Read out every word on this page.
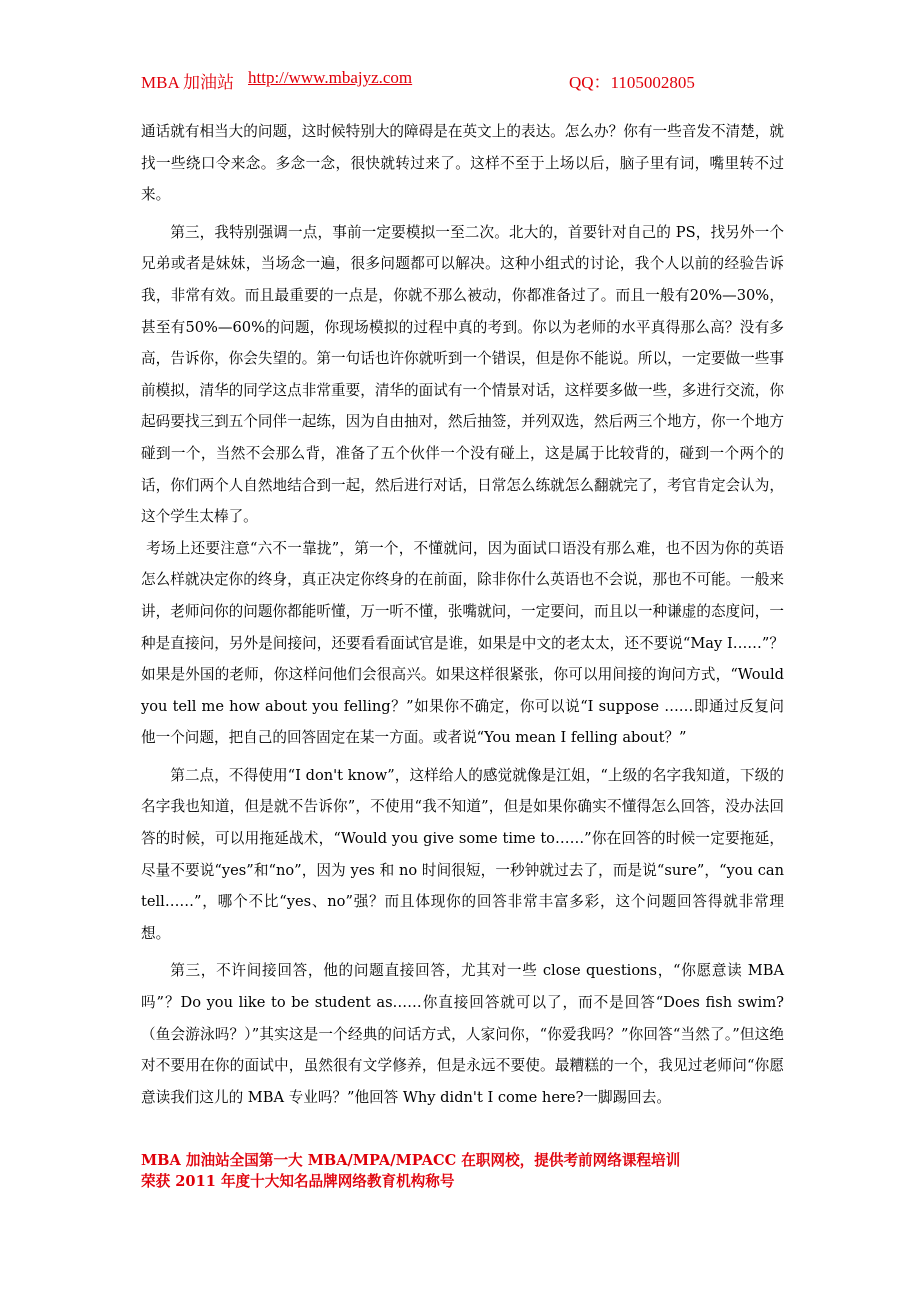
MBA 加油站 http://www.mbajyz.com	QQ：1105002805

通话就有相当大的问题，这时候特别大的障碍是在英文上的表达。怎么办？你有一些音发不清楚，就找一些绕口令来念。多念一念，很快就转过来了。这样不至于上场以后，脑子里有词，嘴里转不过来。

第三，我特别强调一点，事前一定要模拟一至二次。北大的，首要针对自己的 PS，找另外一个兄弟或者是妹妹，当场念一遍，很多问题都可以解决。这种小组式的讨论，我个人以前的经验告诉我，非常有效。而且最重要的一点是，你就不那么被动，你都准备过了。而且一般有20%—30%，甚至有50%—60%的问题，你现场模拟的过程中真的考到。你以为老师的水平真得那么高？没有多高，告诉你，你会失望的。第一句话也许你就听到一个错误，但是你不能说。所以，一定要做一些事前模拟，清华的同学这点非常重要，清华的面试有一个情景对话，这样要多做一些，多进行交流，你起码要找三到五个同伴一起练，因为自由抽对，然后抽签，并列双选，然后两三个地方，你一个地方碰到一个，当然不会那么背，准备了五个伙伴一个没有碰上，这是属于比较背的，碰到一个两个的话，你们两个人自然地结合到一起，然后进行对话，日常怎么练就怎么翻就完了，考官肯定会认为，这个学生太棒了。

考场上还要注意“六不一靠拢”，第一个，不懂就问，因为面试口语没有那么难，也不因为你的英语怎么样就决定你的终身，真正决定你终身的在前面，除非你什么英语也不会说，那也不可能。一般来讲，老师问你的问题你都能听懂，万一听不懂，张嘴就问，一定要问，而且以一种谦虚的态度问，一种是直接问，另外是间接问，还要看看面试官是谁，如果是中文的老太太，还不要说“May I……”？如果是外国的老师，你这样问他们会很高兴。如果这样很紧张，你可以用间接的询问方式，“Would you tell me how about you felling？”如果你不确定，你可以说“I suppose ……即通过反复问他一个问题，把自己的回答固定在某一方面。或者说“You mean I felling about？”

第二点，不得使用“I don't know”，这样给人的感觉就像是江姐，“上级的名字我知道，下级的名字我也知道，但是就不告诉你”，不使用“我不知道”，但是如果你确实不懂得怎么回答，没办法回答的时候，可以用拖延战术，“Would you give some time to……”你在回答的时候一定要拖延，尽量不要说“yes”和“no”，因为 yes 和 no 时间很短，一秒钟就过去了，而是说“sure”，“you can tell……”，哪个不比“yes、no”强？而且体现你的回答非常丰富多彩，这个问题回答得就非常理想。

第三，不许间接回答，他的问题直接回答，尤其对一些 close questions，“你愿意读 MBA 吗”？Do you like to be student as……你直接回答就可以了，而不是回答“Does fish swim?（鱼会游泳吗？）”其实这是一个经典的问话方式，人家问你，“你爱我吗？”你回答“当然了。”但这绝对不要用在你的面试中，虽然很有文学修养，但是永远不要使。最糟糕的一个，我见过老师问“你愿意读我们这儿的 MBA 专业吗？”他回答 Why didn't I come here?一脚踢回去。

MBA 加油站全国第一大 MBA/MPA/MPACC 在职网校，提供考前网络课程培训
荣获 2011 年度十大知名品牌网络教育机构称号
